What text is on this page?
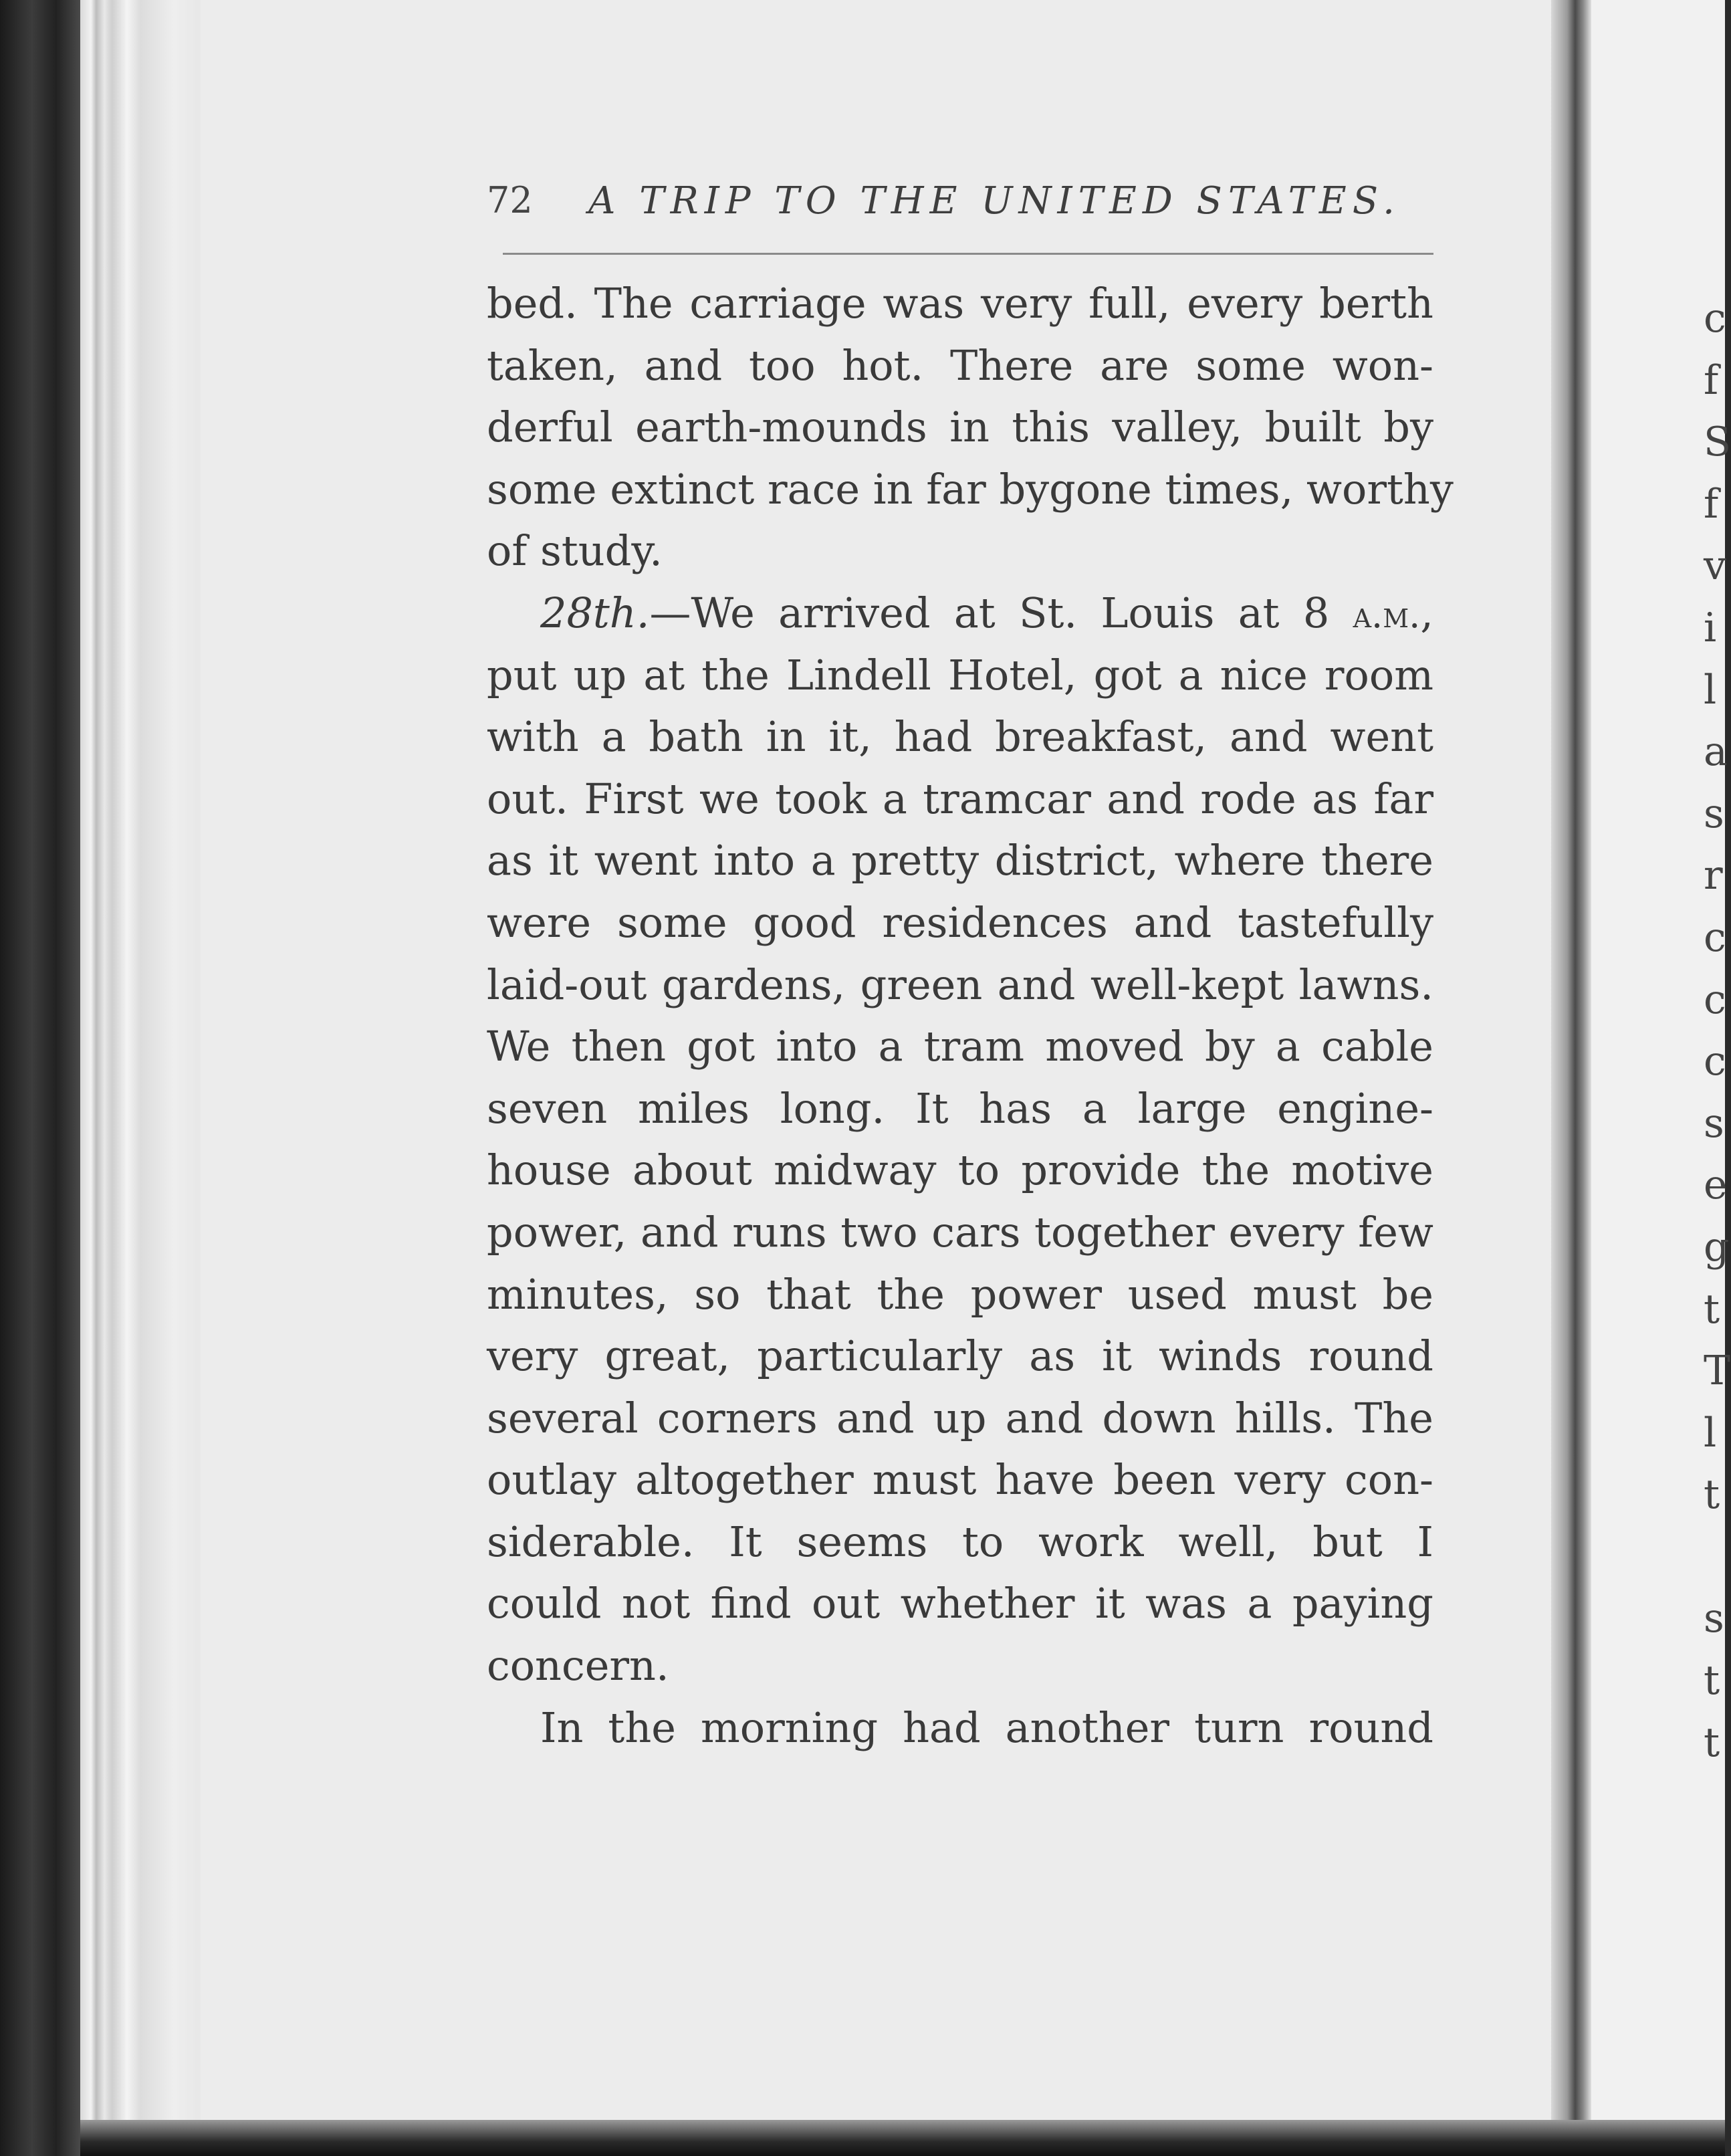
72 A TRIP TO THE UNITED STATES.
bed. The carriage was very full, every berth
taken, and too hot. There are some won-
derful earth-mounds in this valley, built by
some extinct race in far bygone times, worthy
of study.
28th.—We arrived at St. Louis at 8 a.m.,
put up at the Lindell Hotel, got a nice room
with a bath in it, had breakfast, and went
out. First we took a tramcar and rode as far
as it went into a pretty district, where there
were some good residences and tastefully
laid-out gardens, green and well-kept lawns.
We then got into a tram moved by a cable
seven miles long. It has a large engine-
house about midway to provide the motive
power, and runs two cars together every few
minutes, so that the power used must be
very great, particularly as it winds round
several corners and up and down hills. The
outlay altogether must have been very con-
siderable. It seems to work well, but I
could not find out whether it was a paying
concern.
In the morning had another turn round
c
f
S
f
v
i
l
a
s
r
c
c
c
s
e
g
t
T
l
t
s
t
t
